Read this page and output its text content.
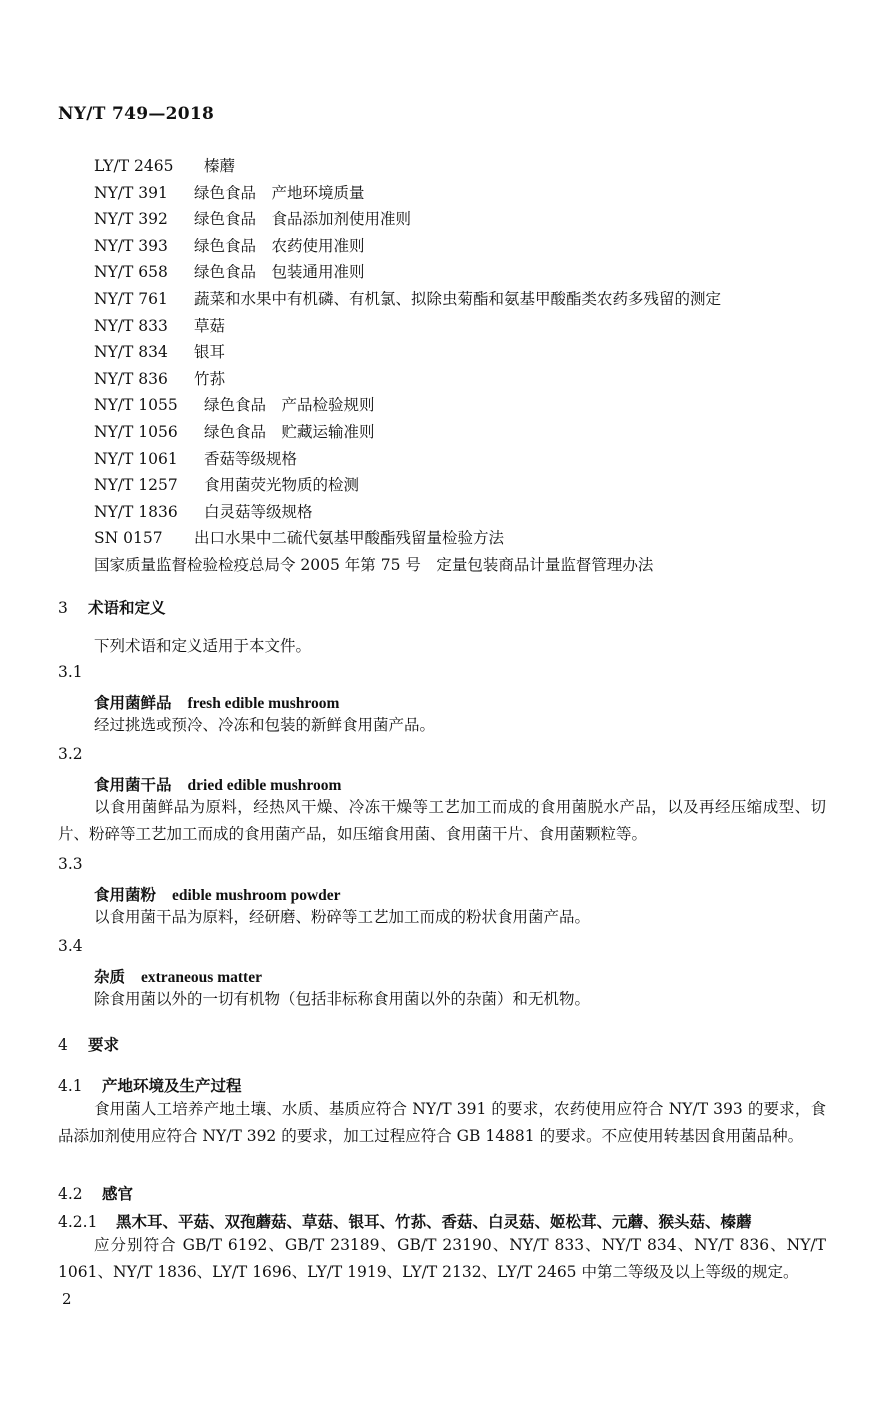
NY/T 749—2018
LY/T 2465 榛蘑
NY/T 391 绿色食品　产地环境质量
NY/T 392 绿色食品　食品添加剂使用准则
NY/T 393 绿色食品　农药使用准则
NY/T 658 绿色食品　包装通用准则
NY/T 761 蔬菜和水果中有机磷、有机氯、拟除虫菊酯和氨基甲酸酯类农药多残留的测定
NY/T 833 草菇
NY/T 834 银耳
NY/T 836 竹荪
NY/T 1055 绿色食品　产品检验规则
NY/T 1056 绿色食品　贮藏运输准则
NY/T 1061 香菇等级规格
NY/T 1257 食用菌荧光物质的检测
NY/T 1836 白灵菇等级规格
SN 0157 出口水果中二硫代氨基甲酸酯残留量检验方法
国家质量监督检验检疫总局令 2005 年第 75 号　定量包装商品计量监督管理办法
3 术语和定义
下列术语和定义适用于本文件。
3.1
食用菌鲜品 fresh edible mushroom
经过挑选或预冷、冷冻和包装的新鲜食用菌产品。
3.2
食用菌干品 dried edible mushroom
以食用菌鲜品为原料，经热风干燥、冷冻干燥等工艺加工而成的食用菌脱水产品，以及再经压缩成型、切片、粉碎等工艺加工而成的食用菌产品，如压缩食用菌、食用菌干片、食用菌颗粒等。
3.3
食用菌粉 edible mushroom powder
以食用菌干品为原料，经研磨、粉碎等工艺加工而成的粉状食用菌产品。
3.4
杂质 extraneous matter
除食用菌以外的一切有机物（包括非标称食用菌以外的杂菌）和无机物。
4 要求
4.1 产地环境及生产过程
食用菌人工培养产地土壤、水质、基质应符合 NY/T 391 的要求，农药使用应符合 NY/T 393 的要求，食品添加剂使用应符合 NY/T 392 的要求，加工过程应符合 GB 14881 的要求。不应使用转基因食用菌品种。
4.2 感官
4.2.1 黑木耳、平菇、双孢蘑菇、草菇、银耳、竹荪、香菇、白灵菇、姬松茸、元蘑、猴头菇、榛蘑
应分别符合 GB/T 6192、GB/T 23189、GB/T 23190、NY/T 833、NY/T 834、NY/T 836、NY/T 1061、NY/T 1836、LY/T 1696、LY/T 1919、LY/T 2132、LY/T 2465 中第二等级及以上等级的规定。
2
